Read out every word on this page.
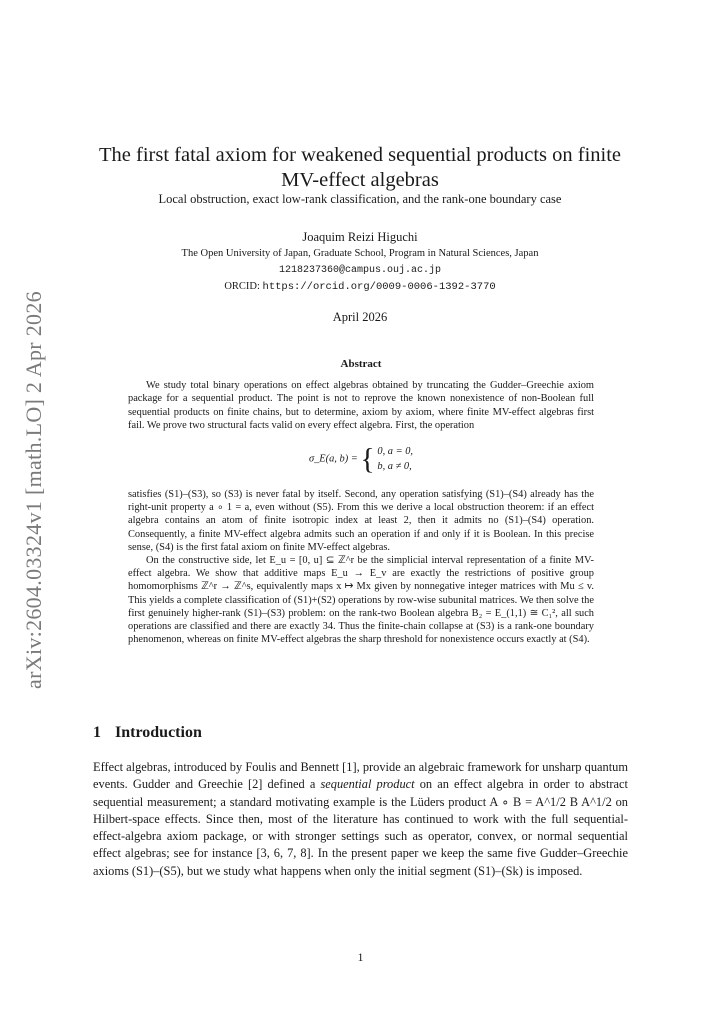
arXiv:2604.03324v1 [math.LO] 2 Apr 2026
The first fatal axiom for weakened sequential products on finite MV-effect algebras
Local obstruction, exact low-rank classification, and the rank-one boundary case
Joaquim Reizi Higuchi
The Open University of Japan, Graduate School, Program in Natural Sciences, Japan
1218237360@campus.ouj.ac.jp
ORCID: https://orcid.org/0009-0006-1392-3770
April 2026
Abstract

We study total binary operations on effect algebras obtained by truncating the Gudder–Greechie axiom package for a sequential product. The point is not to reprove the known nonexistence of non-Boolean full sequential products on finite chains, but to determine, axiom by axiom, where finite MV-effect algebras first fail. We prove two structural facts valid on every effect algebra. First, the operation

σ_E(a, b) = { 0, a = 0,
b, a ≠ 0,

satisfies (S1)–(S3), so (S3) is never fatal by itself. Second, any operation satisfying (S1)–(S4) already has the right-unit property a ∘ 1 = a, even without (S5). From this we derive a local obstruction theorem: if an effect algebra contains an atom of finite isotropic index at least 2, then it admits no (S1)–(S4) operation. Consequently, a finite MV-effect algebra admits such an operation if and only if it is Boolean. In this precise sense, (S4) is the first fatal axiom on finite MV-effect algebras.

On the constructive side, let E_u = [0, u] ⊆ ℤ^r be the simplicial interval representation of a finite MV-effect algebra. We show that additive maps E_u → E_v are exactly the restrictions of positive group homomorphisms ℤ^r → ℤ^s, equivalently maps x ↦ Mx given by nonnegative integer matrices with Mu ≤ v. This yields a complete classification of (S1)+(S2) operations by row-wise subunital matrices. We then solve the first genuinely higher-rank (S1)–(S3) problem: on the rank-two Boolean algebra B₂ = E_(1,1) ≅ C₁², all such operations are classified and there are exactly 34. Thus the finite-chain collapse at (S3) is a rank-one boundary phenomenon, whereas on finite MV-effect algebras the sharp threshold for nonexistence occurs exactly at (S4).

1 Introduction
Effect algebras, introduced by Foulis and Bennett [1], provide an algebraic framework for unsharp quantum events. Gudder and Greechie [2] defined a sequential product on an effect algebra in order to abstract sequential measurement; a standard motivating example is the Lüders product A ∘ B = A^1/2 B A^1/2 on Hilbert-space effects. Since then, most of the literature has continued to work with the full sequential-effect-algebra axiom package, or with stronger settings such as operator, convex, or normal sequential effect algebras; see for instance [3, 6, 7, 8]. In the present paper we keep the same five Gudder–Greechie axioms (S1)–(S5), but we study what happens when only the initial segment (S1)–(Sk) is imposed.
1
